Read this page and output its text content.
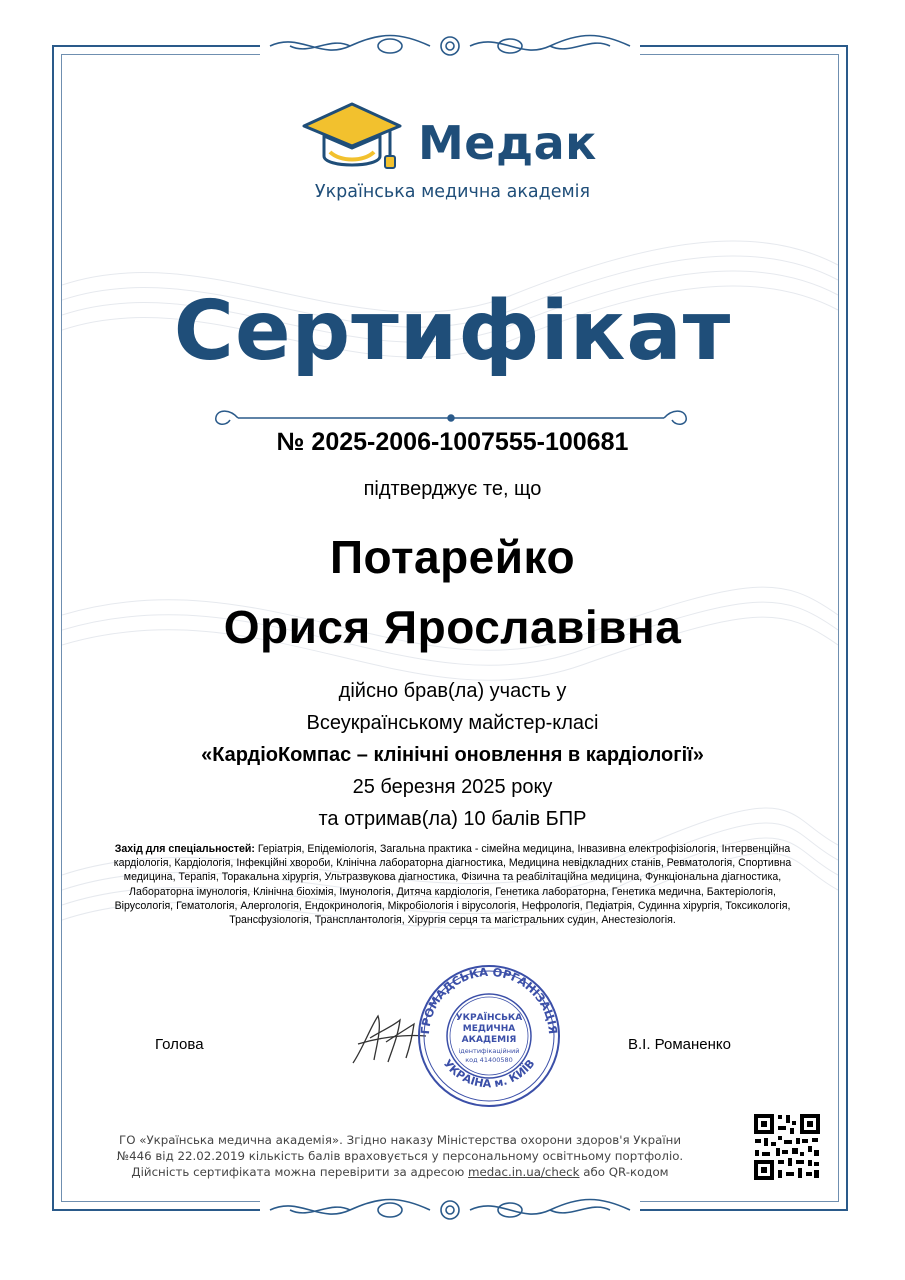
Медак
Українська медична академія
Сертифікат
№ 2025-2006-1007555-100681
підтверджує те, що
Потарейко
Орися Ярославівна
дійсно брав(ла) участь у
Всеукраїнському майстер-класі
«КардіоКомпас – клінічні оновлення в кардіології»
25 березня 2025 року
та отримав(ла) 10 балів БПР
Захід для спеціальностей: Геріатрія, Епідеміологія, Загальна практика - сімейна медицина, Інвазивна електрофізіологія, Інтервенційна кардіологія, Кардіологія, Інфекційні хвороби, Клінічна лабораторна діагностика, Медицина невідкладних станів, Ревматологія, Спортивна медицина, Терапія, Торакальна хірургія, Ультразвукова діагностика, Фізична та реабілітаційна медицина, Функціональна діагностика, Лабораторна імунологія, Клінічна біохімія, Імунологія, Дитяча кардіологія, Генетика лабораторна, Генетика медична, Бактеріологія, Вірусологія, Гематологія, Алергологія, Ендокринологія, Мікробіологія і вірусологія, Нефрологія, Педіатрія, Судинна хірургія, Токсикологія, Трансфузіологія, Трансплантологія, Хірургія серця та магістральних судин, Анестезіологія.
Голова
ГРОМАДСЬКА ОРГАНІЗАЦІЯ
УКРАЇНА м. КИЇВ
УКРАЇНСЬКА
МЕДИЧНА
АКАДЕМІЯ
ідентифікаційний
код 41400580
В.І. Романенко
ГО «Українська медична академія». Згідно наказу Міністерства охорони здоров'я України
№446 від 22.02.2019 кількість балів враховується у персональному освітньому портфоліо.
Дійсність сертифіката можна перевірити за адресою medac.in.ua/check або QR-кодом
